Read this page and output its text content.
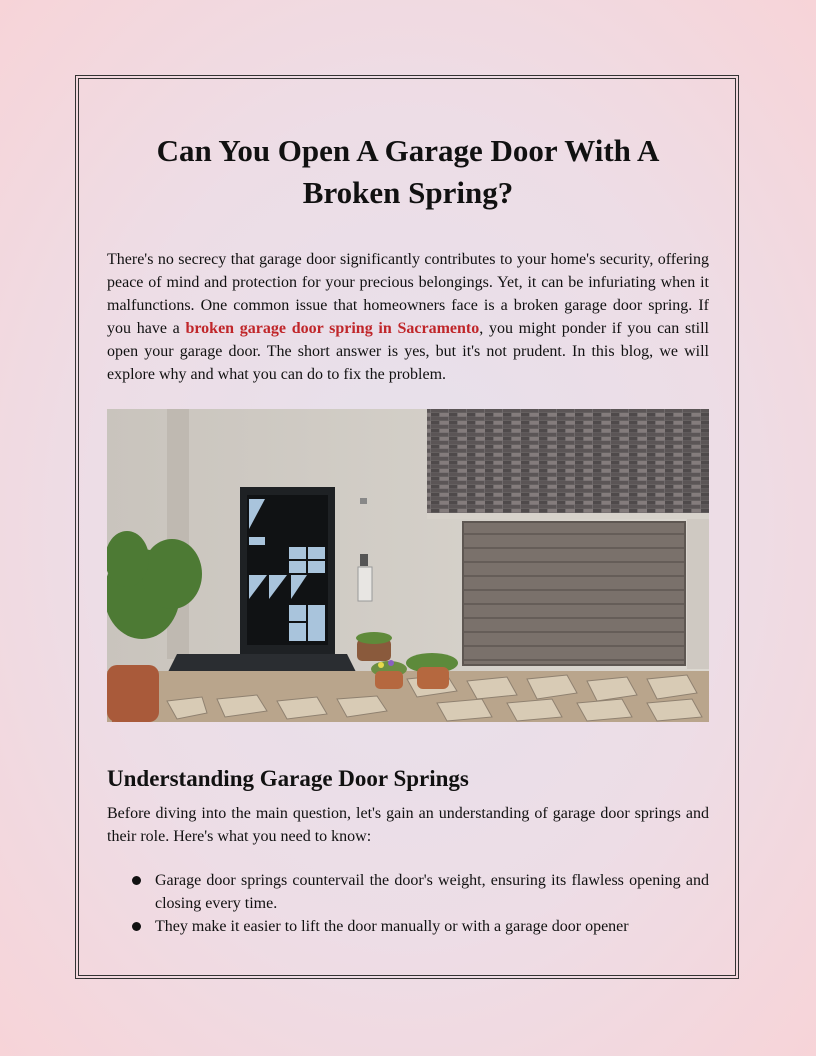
Can You Open A Garage Door With A Broken Spring?

There's no secrecy that garage door significantly contributes to your home's security, offering peace of mind and protection for your precious belongings. Yet, it can be infuriating when it malfunctions. One common issue that homeowners face is a broken garage door spring. If you have a broken garage door spring in Sacramento, you might ponder if you can still open your garage door. The short answer is yes, but it's not prudent. In this blog, we will explore why and what you can do to fix the problem.

Understanding Garage Door Springs

Before diving into the main question, let's gain an understanding of garage door springs and their role. Here's what you need to know:

Garage door springs countervail the door's weight, ensuring its flawless opening and closing every time.
They make it easier to lift the door manually or with a garage door opener
